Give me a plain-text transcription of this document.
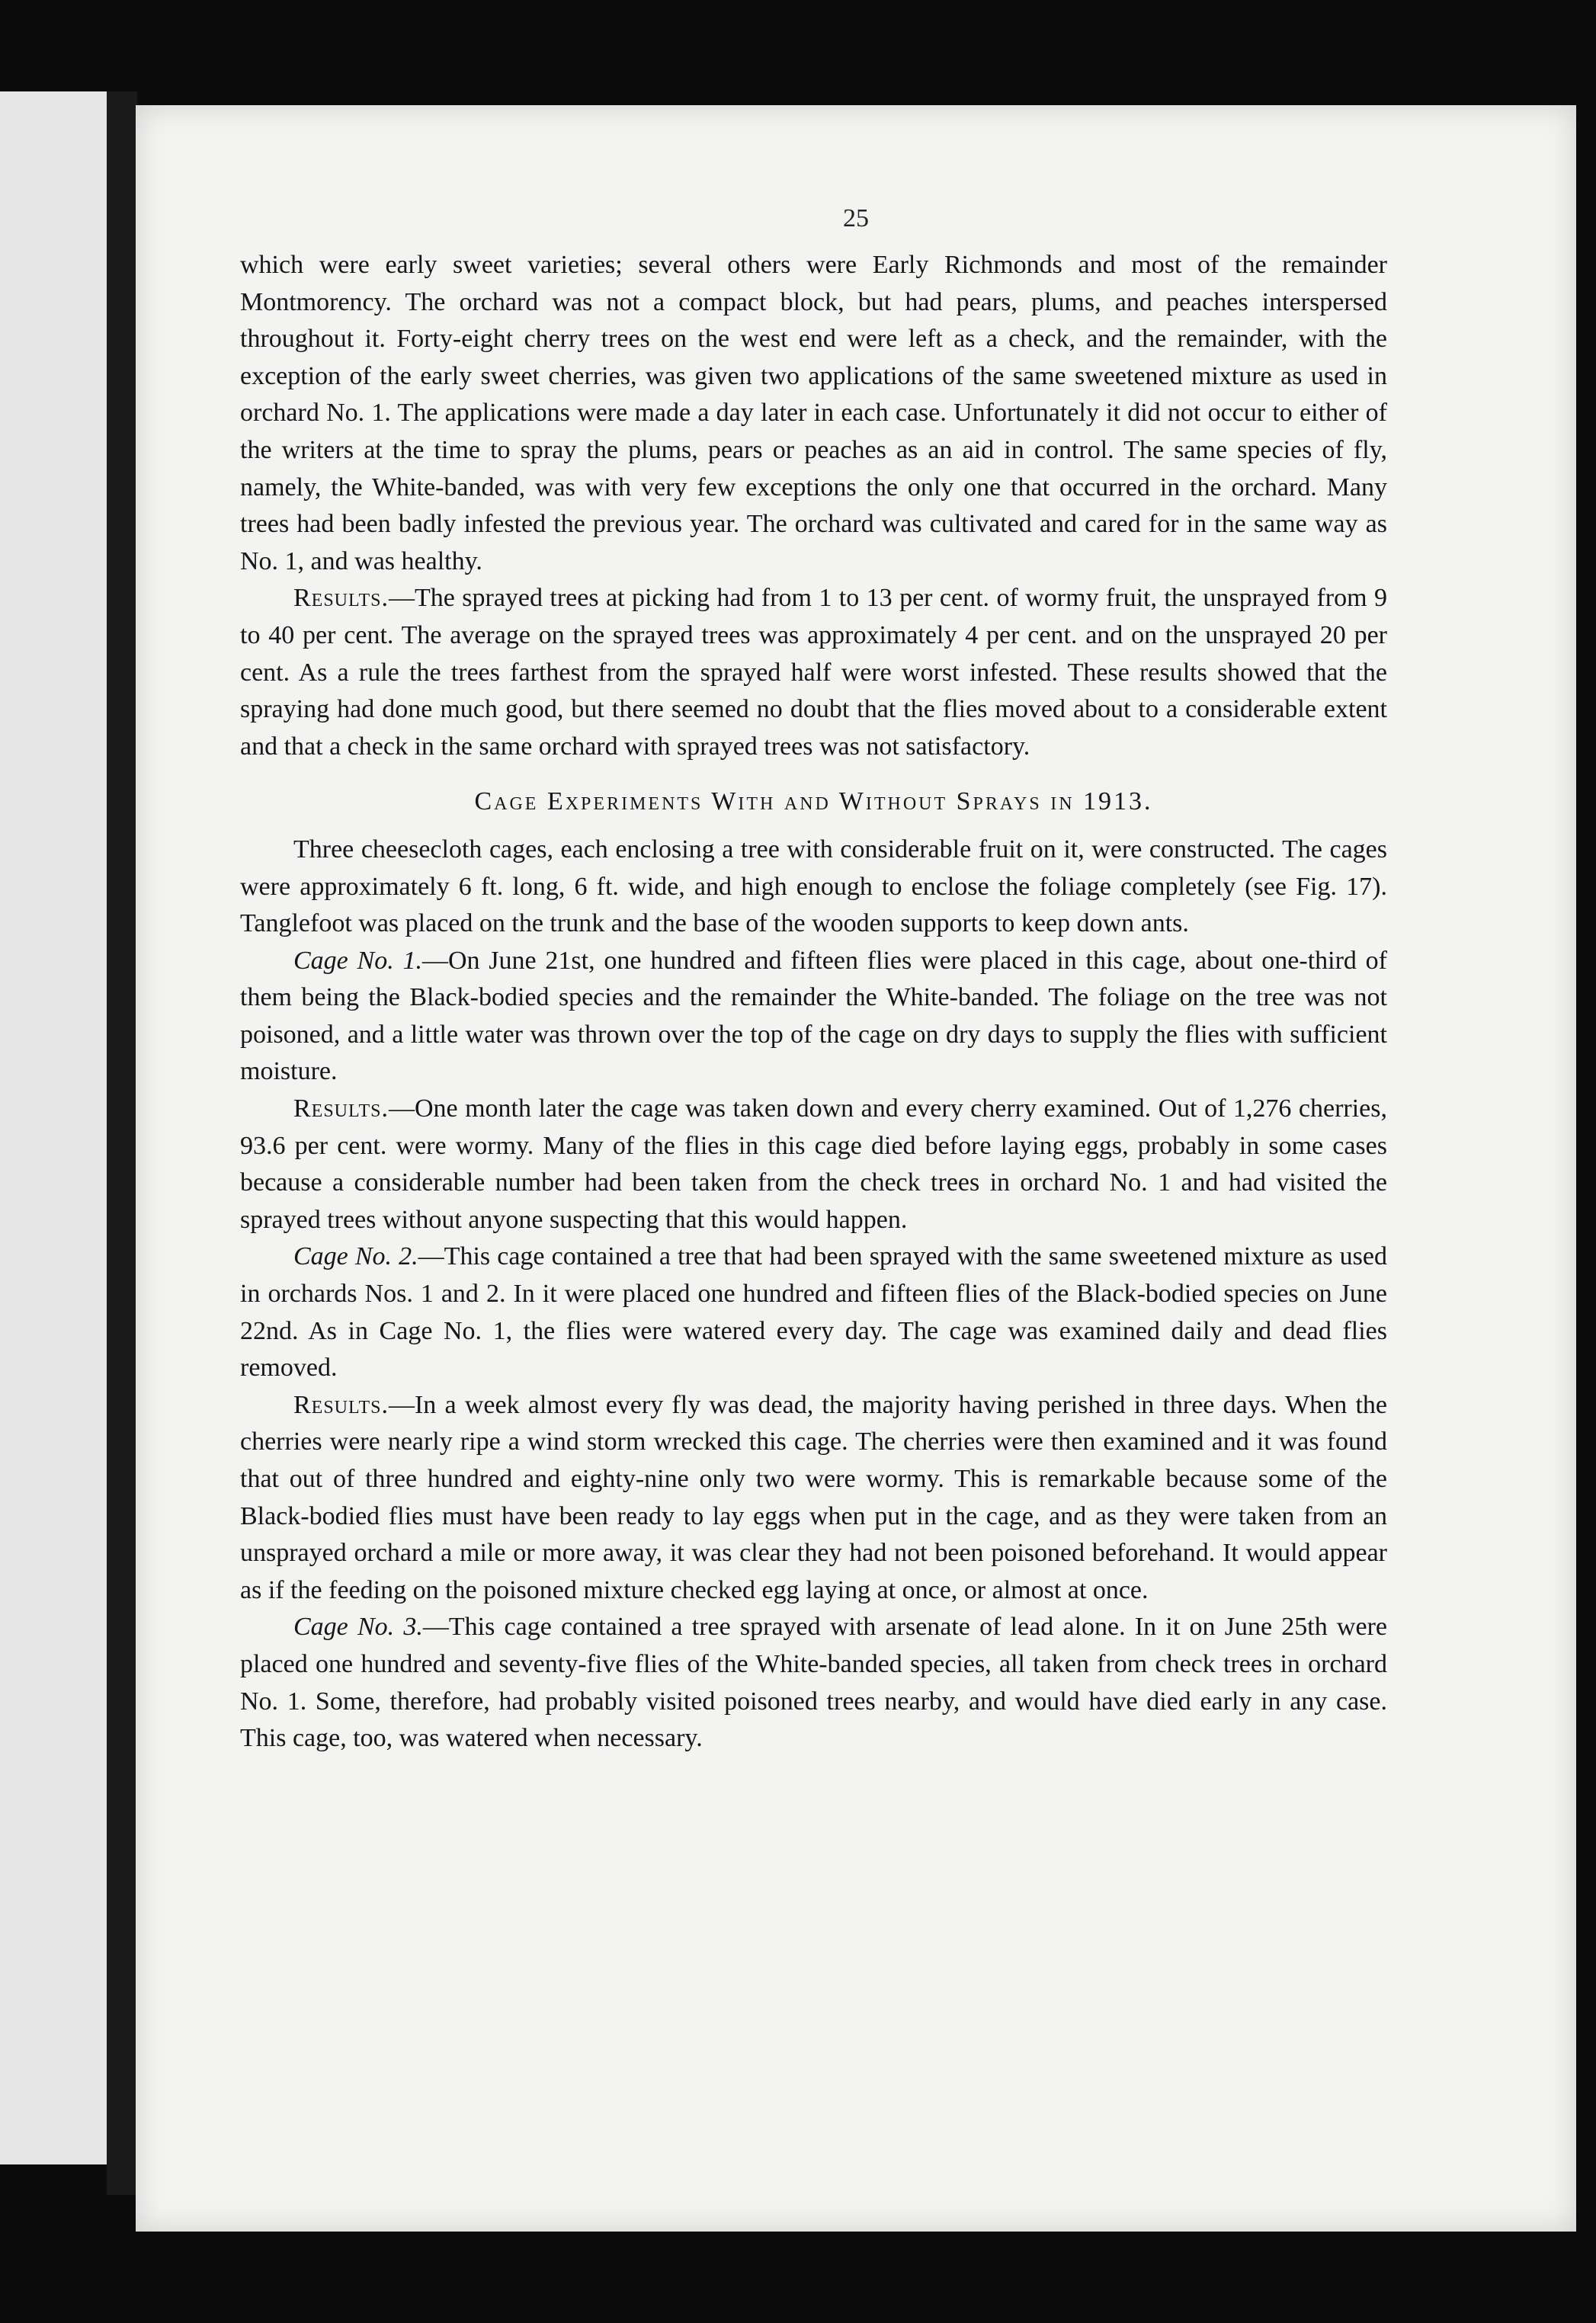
25

which were early sweet varieties; several others were Early Richmonds and most of the remainder Montmorency. The orchard was not a compact block, but had pears, plums, and peaches interspersed throughout it. Forty-eight cherry trees on the west end were left as a check, and the remainder, with the exception of the early sweet cherries, was given two applications of the same sweetened mixture as used in orchard No. 1. The applications were made a day later in each case. Unfortunately it did not occur to either of the writers at the time to spray the plums, pears or peaches as an aid in control. The same species of fly, namely, the White-banded, was with very few exceptions the only one that occurred in the orchard. Many trees had been badly infested the previous year. The orchard was cultivated and cared for in the same way as No. 1, and was healthy.

Results.—The sprayed trees at picking had from 1 to 13 per cent. of wormy fruit, the unsprayed from 9 to 40 per cent. The average on the sprayed trees was approximately 4 per cent. and on the unsprayed 20 per cent. As a rule the trees farthest from the sprayed half were worst infested. These results showed that the spraying had done much good, but there seemed no doubt that the flies moved about to a considerable extent and that a check in the same orchard with sprayed trees was not satisfactory.

Cage Experiments With and Without Sprays in 1913.

Three cheesecloth cages, each enclosing a tree with considerable fruit on it, were constructed. The cages were approximately 6 ft. long, 6 ft. wide, and high enough to enclose the foliage completely (see Fig. 17). Tanglefoot was placed on the trunk and the base of the wooden supports to keep down ants.

Cage No. 1.—On June 21st, one hundred and fifteen flies were placed in this cage, about one-third of them being the Black-bodied species and the remainder the White-banded. The foliage on the tree was not poisoned, and a little water was thrown over the top of the cage on dry days to supply the flies with sufficient moisture.

Results.—One month later the cage was taken down and every cherry examined. Out of 1,276 cherries, 93.6 per cent. were wormy. Many of the flies in this cage died before laying eggs, probably in some cases because a considerable number had been taken from the check trees in orchard No. 1 and had visited the sprayed trees without anyone suspecting that this would happen.

Cage No. 2.—This cage contained a tree that had been sprayed with the same sweetened mixture as used in orchards Nos. 1 and 2. In it were placed one hundred and fifteen flies of the Black-bodied species on June 22nd. As in Cage No. 1, the flies were watered every day. The cage was examined daily and dead flies removed.

Results.—In a week almost every fly was dead, the majority having perished in three days. When the cherries were nearly ripe a wind storm wrecked this cage. The cherries were then examined and it was found that out of three hundred and eighty-nine only two were wormy. This is remarkable because some of the Black-bodied flies must have been ready to lay eggs when put in the cage, and as they were taken from an unsprayed orchard a mile or more away, it was clear they had not been poisoned beforehand. It would appear as if the feeding on the poisoned mixture checked egg laying at once, or almost at once.

Cage No. 3.—This cage contained a tree sprayed with arsenate of lead alone. In it on June 25th were placed one hundred and seventy-five flies of the White-banded species, all taken from check trees in orchard No. 1. Some, therefore, had probably visited poisoned trees nearby, and would have died early in any case. This cage, too, was watered when necessary.
